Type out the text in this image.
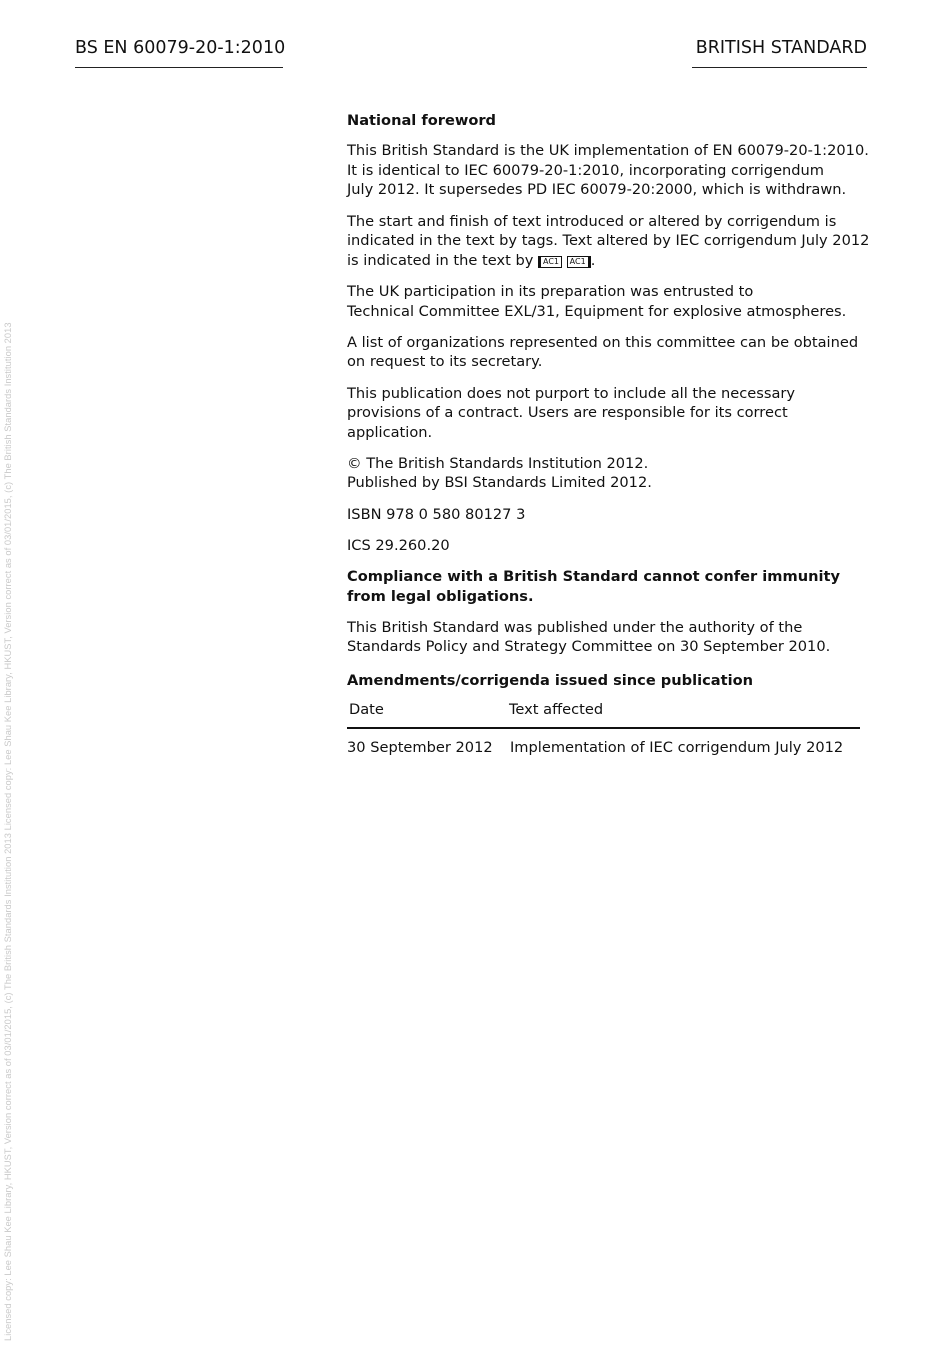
Licensed copy: Lee Shau Kee Library, HKUST, Version correct as of 03/01/2015, (c) The British Standards Institution 2013 Licensed copy: Lee Shau Kee Library, HKUST, Version correct as of 03/01/2015, (c) The British Standards Institution 2013
BS EN 60079-20-1:2010	BRITISH STANDARD

National foreword

This British Standard is the UK implementation of EN 60079-20-1:2010.
It is identical to IEC 60079-20-1:2010, incorporating corrigendum
July 2012. It supersedes PD IEC 60079-20:2000, which is withdrawn.

The start and finish of text introduced or altered by corrigendum is
indicated in the text by tags. Text altered by IEC corrigendum July 2012
is indicated in the text by AC1 AC1 .

The UK participation in its preparation was entrusted to
Technical Committee EXL/31, Equipment for explosive atmospheres.

A list of organizations represented on this committee can be obtained
on request to its secretary.

This publication does not purport to include all the necessary
provisions of a contract. Users are responsible for its correct
application.

© The British Standards Institution 2012.
Published by BSI Standards Limited 2012.

ISBN 978 0 580 80127 3

ICS 29.260.20

Compliance with a British Standard cannot confer immunity
from legal obligations.

This British Standard was published under the authority of the
Standards Policy and Strategy Committee on 30 September 2010.

Amendments/corrigenda issued since publication
Date	Text affected
30 September 2012	Implementation of IEC corrigendum July 2012
